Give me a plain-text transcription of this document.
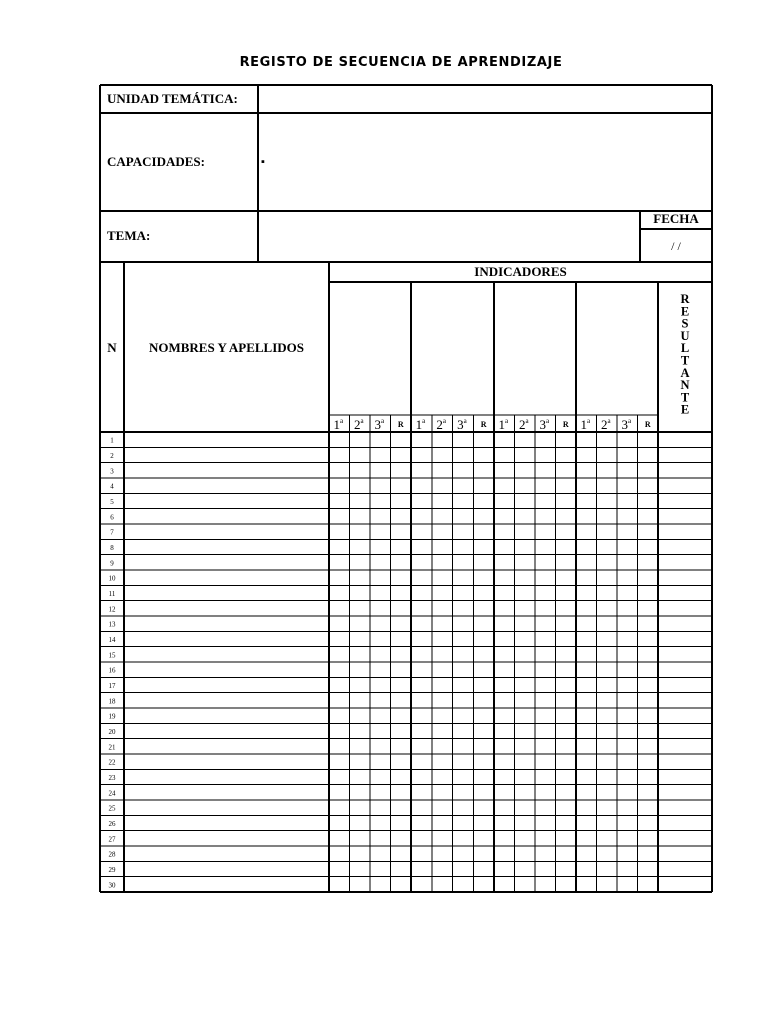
REGISTO DE SECUENCIA DE APRENDIZAJE
UNIDAD TEMÁTICA:
CAPACIDADES:
TEMA:
FECHA
N NOMBRES Y APELLIDOS
INDICADORES
R
E
S
U
L
T
A
N
T
E
1$^a$ 2$^a$ 3$^a$ R 1$^a$ 2$^a$ 3$^a$ R 1$^a$ 2$^a$ 3$^a$ R 1$^a$ 2$^a$ 3$^a$ R
1
2
3
4
5
6
7
8
9
10
11
12
13
14
15
16
17
18
19
20
21
22
23
24
25
26
27
28
29
30
